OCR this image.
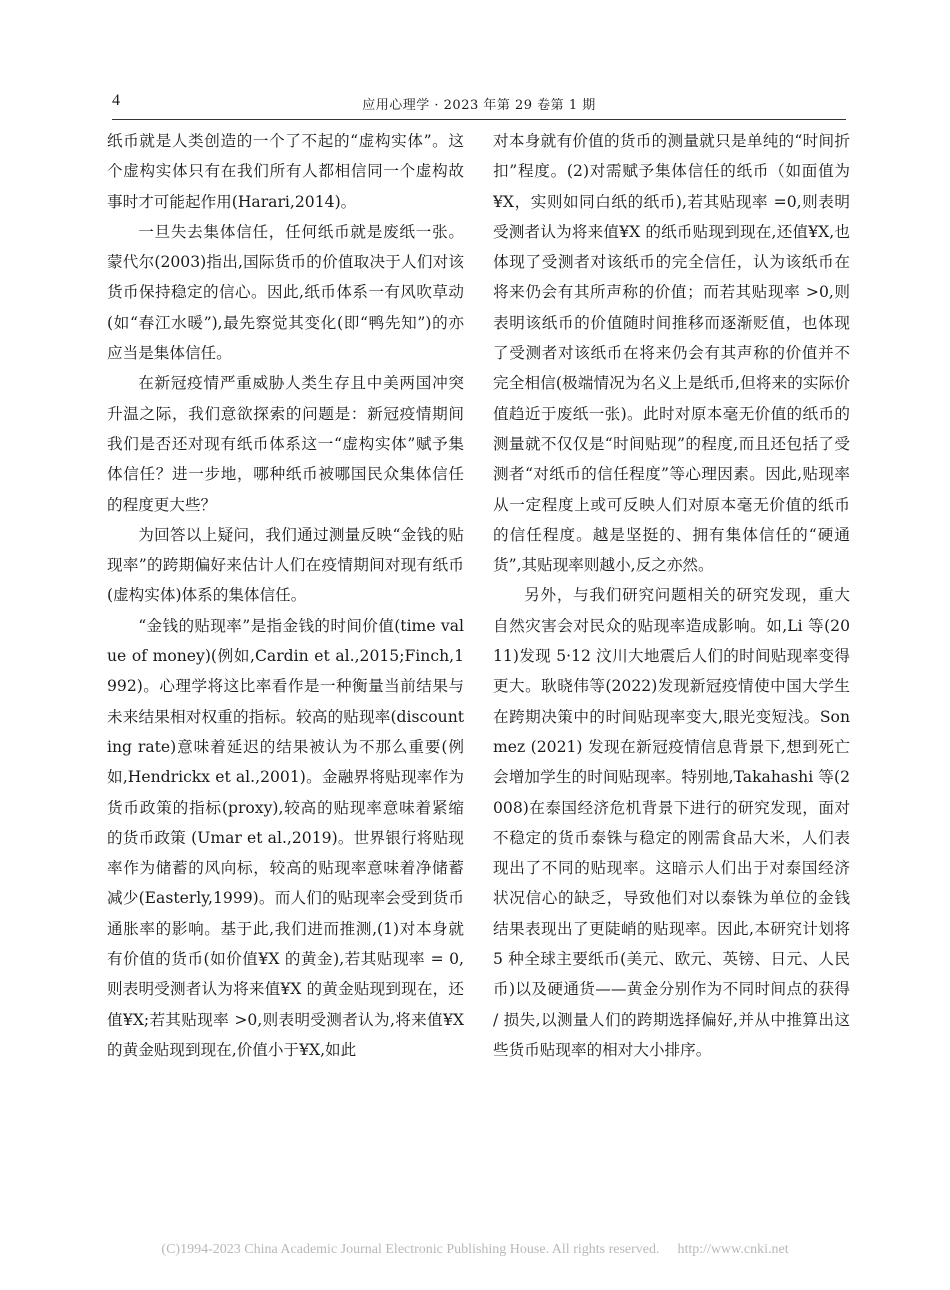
4	应用心理学 · 2023 年第 29 卷第 1 期

纸币就是人类创造的一个了不起的“虚构实体”。这个虚构实体只有在我们所有人都相信同一个虚构故事时才可能起作用(Harari,2014)。

一旦失去集体信任，任何纸币就是废纸一张。蒙代尔(2003)指出,国际货币的价值取决于人们对该货币保持稳定的信心。因此,纸币体系一有风吹草动(如“春江水暖”),最先察觉其变化(即“鸭先知”)的亦应当是集体信任。

在新冠疫情严重威胁人类生存且中美两国冲突升温之际，我们意欲探索的问题是：新冠疫情期间我们是否还对现有纸币体系这一“虚构实体”赋予集体信任？进一步地，哪种纸币被哪国民众集体信任的程度更大些？

为回答以上疑问，我们通过测量反映“金钱的贴现率”的跨期偏好来估计人们在疫情期间对现有纸币(虚构实体)体系的集体信任。

“金钱的贴现率”是指金钱的时间价值(time value of money)(例如,Cardin et al.,2015;Finch,1992)。心理学将这比率看作是一种衡量当前结果与未来结果相对权重的指标。较高的贴现率(discounting rate)意味着延迟的结果被认为不那么重要(例如,Hendrickx et al.,2001)。金融界将贴现率作为货币政策的指标(proxy),较高的贴现率意味着紧缩的货币政策 (Umar et al.,2019)。世界银行将贴现率作为储蓄的风向标，较高的贴现率意味着净储蓄减少(Easterly,1999)。而人们的贴现率会受到货币通胀率的影响。基于此,我们进而推测,(1)对本身就有价值的货币(如价值¥X 的黄金),若其贴现率 = 0,则表明受测者认为将来值¥X 的黄金贴现到现在，还值¥X;若其贴现率 >0,则表明受测者认为,将来值¥X 的黄金贴现到现在,价值小于¥X,如此

对本身就有价值的货币的测量就只是单纯的“时间折扣”程度。(2)对需赋予集体信任的纸币（如面值为¥X，实则如同白纸的纸币),若其贴现率 =0,则表明受测者认为将来值¥X 的纸币贴现到现在,还值¥X,也体现了受测者对该纸币的完全信任，认为该纸币在将来仍会有其所声称的价值；而若其贴现率 >0,则表明该纸币的价值随时间推移而逐渐贬值，也体现了受测者对该纸币在将来仍会有其声称的价值并不完全相信(极端情况为名义上是纸币,但将来的实际价值趋近于废纸一张)。此时对原本毫无价值的纸币的测量就不仅仅是“时间贴现”的程度,而且还包括了受测者“对纸币的信任程度”等心理因素。因此,贴现率从一定程度上或可反映人们对原本毫无价值的纸币的信任程度。越是坚挺的、拥有集体信任的“硬通货”,其贴现率则越小,反之亦然。

另外，与我们研究问题相关的研究发现，重大自然灾害会对民众的贴现率造成影响。如,Li 等(2011)发现 5·12 汶川大地震后人们的时间贴现率变得更大。耿晓伟等(2022)发现新冠疫情使中国大学生在跨期决策中的时间贴现率变大,眼光变短浅。Sonmez (2021) 发现在新冠疫情信息背景下,想到死亡会增加学生的时间贴现率。特别地,Takahashi 等(2008)在泰国经济危机背景下进行的研究发现，面对不稳定的货币泰铢与稳定的刚需食品大米，人们表现出了不同的贴现率。这暗示人们出于对泰国经济状况信心的缺乏，导致他们对以泰铢为单位的金钱结果表现出了更陡峭的贴现率。因此,本研究计划将 5 种全球主要纸币(美元、欧元、英镑、日元、人民币)以及硬通货——黄金分别作为不同时间点的获得 / 损失,以测量人们的跨期选择偏好,并从中推算出这些货币贴现率的相对大小排序。

(C)1994-2023 China Academic Journal Electronic Publishing House. All rights reserved. http://www.cnki.net
